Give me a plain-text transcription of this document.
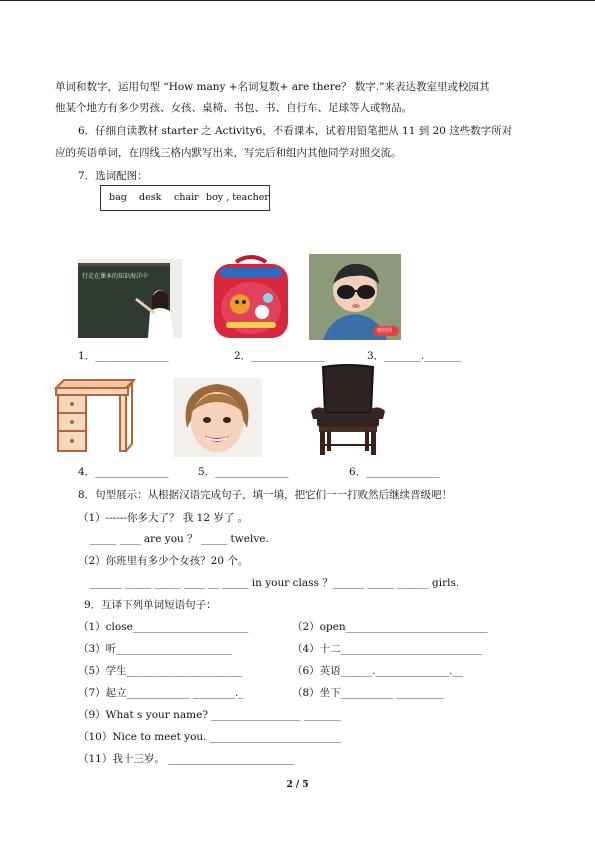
单词和数字，运用句型 “How many +名词复数+ are there？ 数字.”来表达教室里或校园其
他某个地方有多少男孩、女孩、桌椅、书包、书、自行车、足球等人或物品。
6．仔细自读教材 starter 之 Activity6，不看课本，试着用铅笔把从 11 到 20 这些数字所对
应的英语单词，在四线三格内默写出来，写完后和组内其他同学对照交流。
7．选词配图：
bag desk chair boy , teacher
行走在课本的知识海洋中
财经网
1．______________	2．______________	3．_______._______
4．______________	5．______________	6．______________
8．句型展示：从根据汉语完成句子，填一填，把它们一一打败然后继续晋级吧！
（1）------你多大了？ 我 12 岁了 。
_____ ____ are you ？ _____ twelve.
（2）你班里有多少个女孩？20 个。
______ _____ _____ ____ __ _____ in your class ？______ _____ ______ girls.
9．互译下列单词短语句子：
（1）close______________________	（2）open___________________________
（3）听______________________	（4）十二___________________________
（5）学生______________________	（6）英语______.______________.__
（7）起立____________ ________._	（8）坐下__________ _________
（9）What s your name? _________________ _______
（10）Nice to meet you. _________________________
（11）我十三岁。 ________________________
2 / 5
